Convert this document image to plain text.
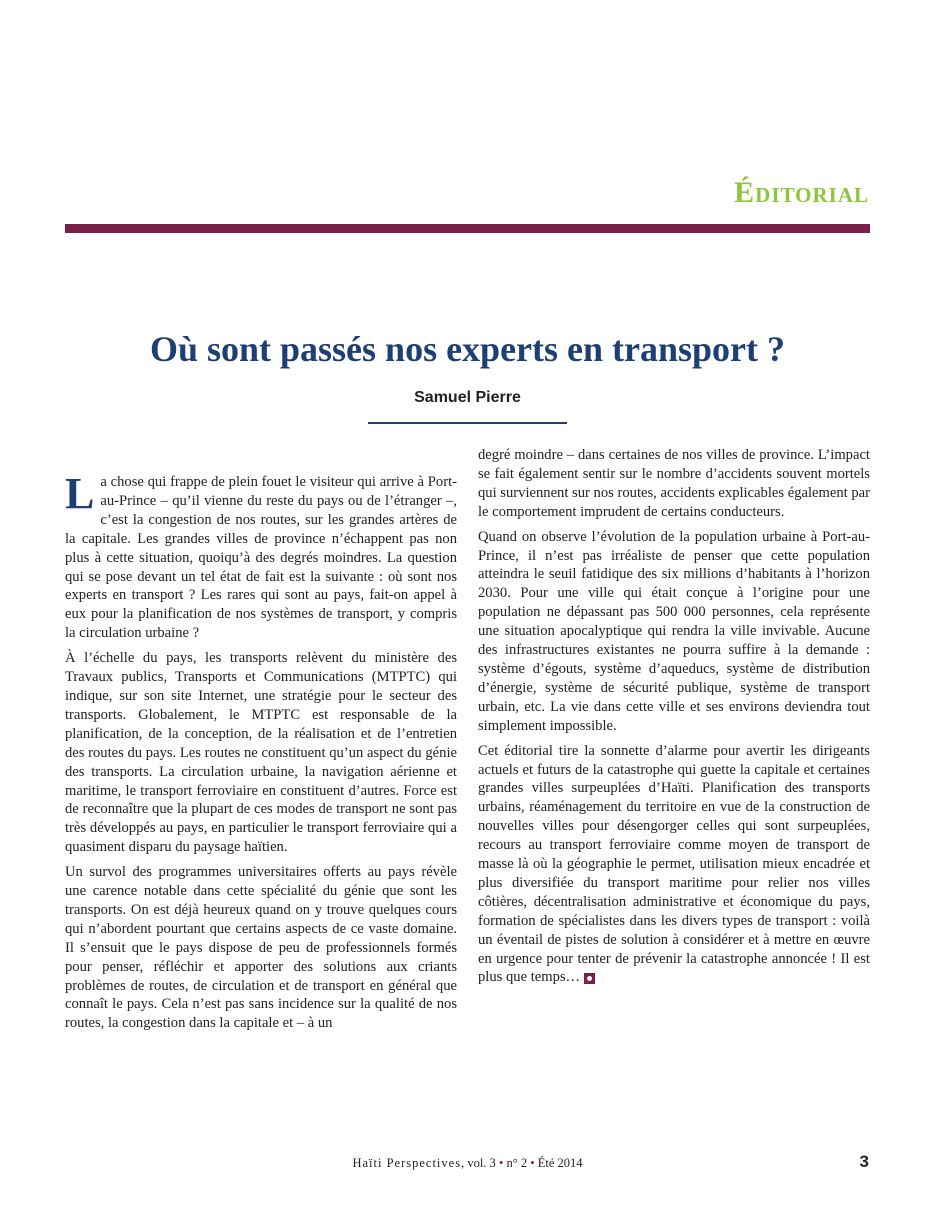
Éditorial
Où sont passés nos experts en transport ?
Samuel Pierre

La chose qui frappe de plein fouet le visiteur qui arrive à Port-au-Prince – qu’il vienne du reste du pays ou de l’étranger –, c’est la congestion de nos routes, sur les grandes artères de la capitale. Les grandes villes de province n’échappent pas non plus à cette situation, quoiqu’à des degrés moindres. La question qui se pose devant un tel état de fait est la suivante : où sont nos experts en transport ? Les rares qui sont au pays, fait-on appel à eux pour la planification de nos systèmes de transport, y compris la circulation urbaine ?

À l’échelle du pays, les transports relèvent du ministère des Travaux publics, Transports et Communications (MTPTC) qui indique, sur son site Internet, une stratégie pour le secteur des transports. Globalement, le MTPTC est responsable de la planification, de la conception, de la réalisation et de l’entretien des routes du pays. Les routes ne constituent qu’un aspect du génie des transports. La circulation urbaine, la navigation aérienne et maritime, le transport ferroviaire en constituent d’autres. Force est de reconnaître que la plupart de ces modes de transport ne sont pas très développés au pays, en particulier le transport ferroviaire qui a quasiment disparu du paysage haïtien.

Un survol des programmes universitaires offerts au pays révèle une carence notable dans cette spécialité du génie que sont les transports. On est déjà heureux quand on y trouve quelques cours qui n’abordent pourtant que certains aspects de ce vaste domaine. Il s’ensuit que le pays dispose de peu de professionnels formés pour penser, réfléchir et apporter des solutions aux criants problèmes de routes, de circulation et de transport en général que connaît le pays. Cela n’est pas sans incidence sur la qualité de nos routes, la congestion dans la capitale et – à un

degré moindre – dans certaines de nos villes de province. L’impact se fait également sentir sur le nombre d’accidents souvent mortels qui surviennent sur nos routes, accidents explicables également par le comportement imprudent de certains conducteurs.

Quand on observe l’évolution de la population urbaine à Port-au-Prince, il n’est pas irréaliste de penser que cette population atteindra le seuil fatidique des six millions d’habitants à l’horizon 2030. Pour une ville qui était conçue à l’origine pour une population ne dépassant pas 500 000 personnes, cela représente une situation apocalyptique qui rendra la ville invivable. Aucune des infrastructures existantes ne pourra suffire à la demande : système d’égouts, système d’aqueducs, système de distribution d’énergie, système de sécurité publique, système de transport urbain, etc. La vie dans cette ville et ses environs deviendra tout simplement impossible.

Cet éditorial tire la sonnette d’alarme pour avertir les dirigeants actuels et futurs de la catastrophe qui guette la capitale et certaines grandes villes surpeuplées d’Haïti. Planification des transports urbains, réaménagement du territoire en vue de la construction de nouvelles villes pour désengorger celles qui sont surpeuplées, recours au transport ferroviaire comme moyen de transport de masse là où la géographie le permet, utilisation mieux encadrée et plus diversifiée du transport maritime pour relier nos villes côtières, décentralisation administrative et économique du pays, formation de spécialistes dans les divers types de transport : voilà un éventail de pistes de solution à considérer et à mettre en œuvre en urgence pour tenter de prévenir la catastrophe annoncée ! Il est plus que temps…

Haïti Perspectives, vol. 3 • n° 2 • Été 2014	3
